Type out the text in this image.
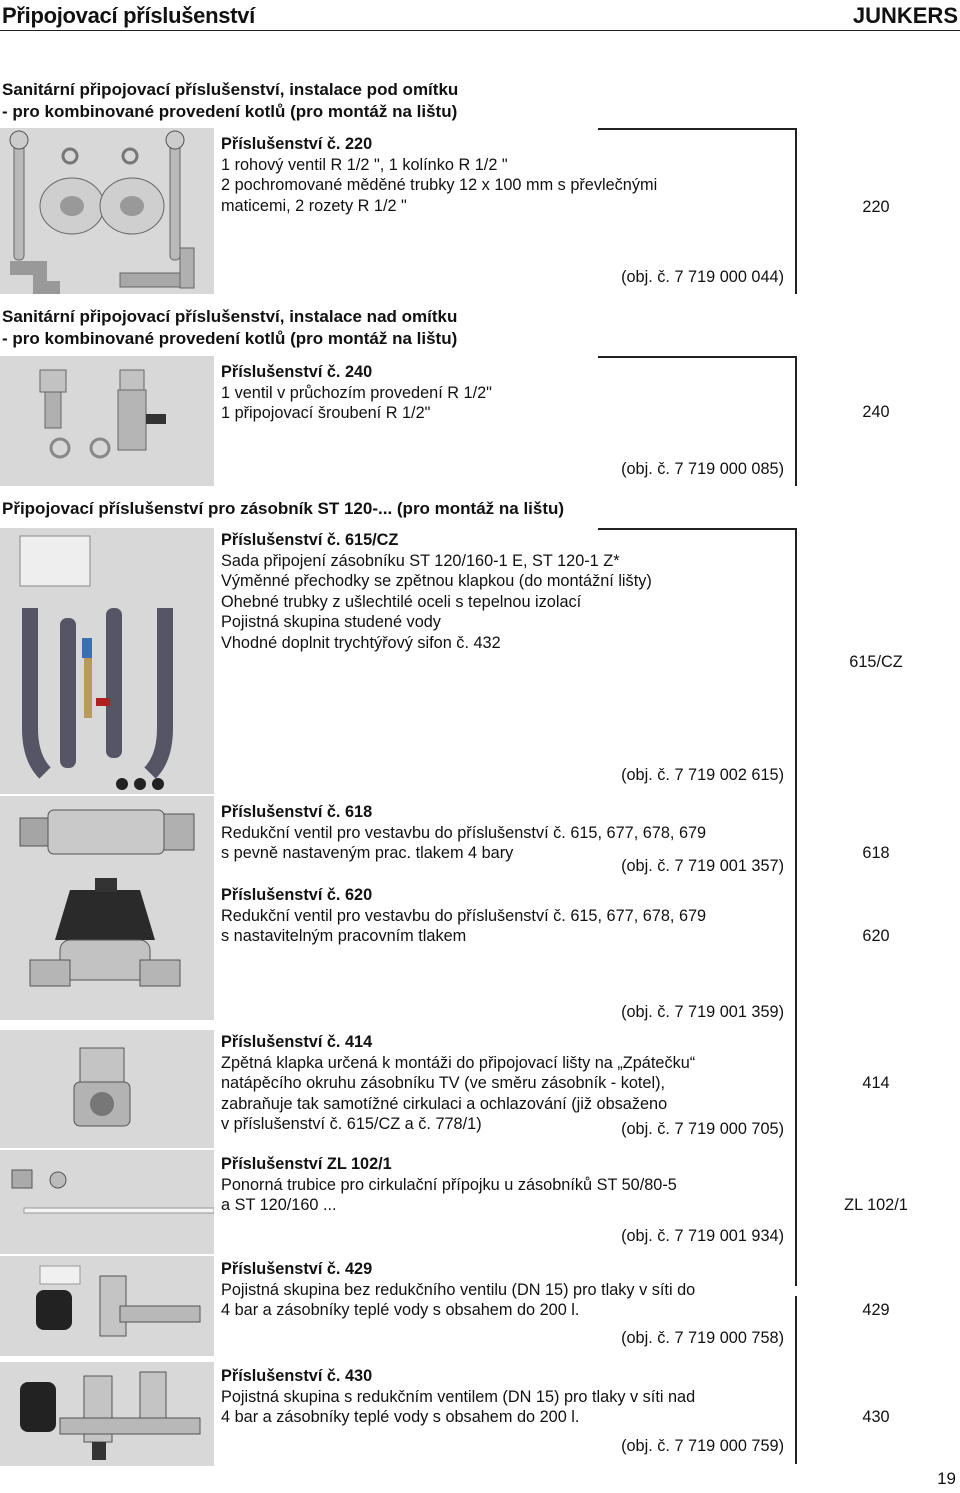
Připojovací příslušenství	JUNKERS
Sanitární připojovací příslušenství, instalace pod omítku
- pro kombinované provedení kotlů (pro montáž na lištu)
Sanitární připojovací příslušenství, instalace nad omítku
- pro kombinované provedení kotlů (pro montáž na lištu)
Připojovací příslušenství pro zásobník ST 120-... (pro montáž na lištu)
Příslušenství č. 220
1 rohový ventil R 1/2 ", 1 kolínko R 1/2 "
2 pochromované měděné trubky 12 x 100 mm s převlečnými
maticemi, 2 rozety R 1/2 "
(obj. č. 7 719 000 044)
220
Příslušenství č. 240
1 ventil v průchozím provedení R 1/2"
1 připojovací šroubení R 1/2"
(obj. č. 7 719 000 085)
240
Příslušenství č. 615/CZ
Sada připojení zásobníku ST 120/160-1 E, ST 120-1 Z*
Výměnné přechodky se zpětnou klapkou (do montážní lišty)
Ohebné trubky z ušlechtilé oceli s tepelnou izolací
Pojistná skupina studené vody
Vhodné doplnit trychtýřový sifon č. 432
(obj. č. 7 719 002 615)
615/CZ
Příslušenství č. 618
Redukční ventil pro vestavbu do příslušenství č. 615, 677, 678, 679
s pevně nastaveným prac. tlakem 4 bary
(obj. č. 7 719 001 357)
618
Příslušenství č. 620
Redukční ventil pro vestavbu do příslušenství č. 615, 677, 678, 679
s nastavitelným pracovním tlakem
(obj. č. 7 719 001 359)
620
Příslušenství č. 414
Zpětná klapka určená k montáži do připojovací lišty na „Zpátečku“
natápěcího okruhu zásobníku TV (ve směru zásobník - kotel),
zabraňuje tak samotížné cirkulaci a ochlazování (již obsaženo
v příslušenství č. 615/CZ a č. 778/1)	(obj. č. 7 719 000 705)
414
Příslušenství ZL 102/1
Ponorná trubice pro cirkulační přípojku u zásobníků ST 50/80-5
a ST 120/160 ...
(obj. č. 7 719 001 934)
ZL 102/1
Příslušenství č. 429
Pojistná skupina bez redukčního ventilu (DN 15) pro tlaky v síti do
4 bar a zásobníky teplé vody s obsahem do 200 l.
(obj. č. 7 719 000 758)
429
Příslušenství č. 430
Pojistná skupina s redukčním ventilem (DN 15) pro tlaky v síti nad
4 bar a zásobníky teplé vody s obsahem do 200 l.
(obj. č. 7 719 000 759)
430
19
